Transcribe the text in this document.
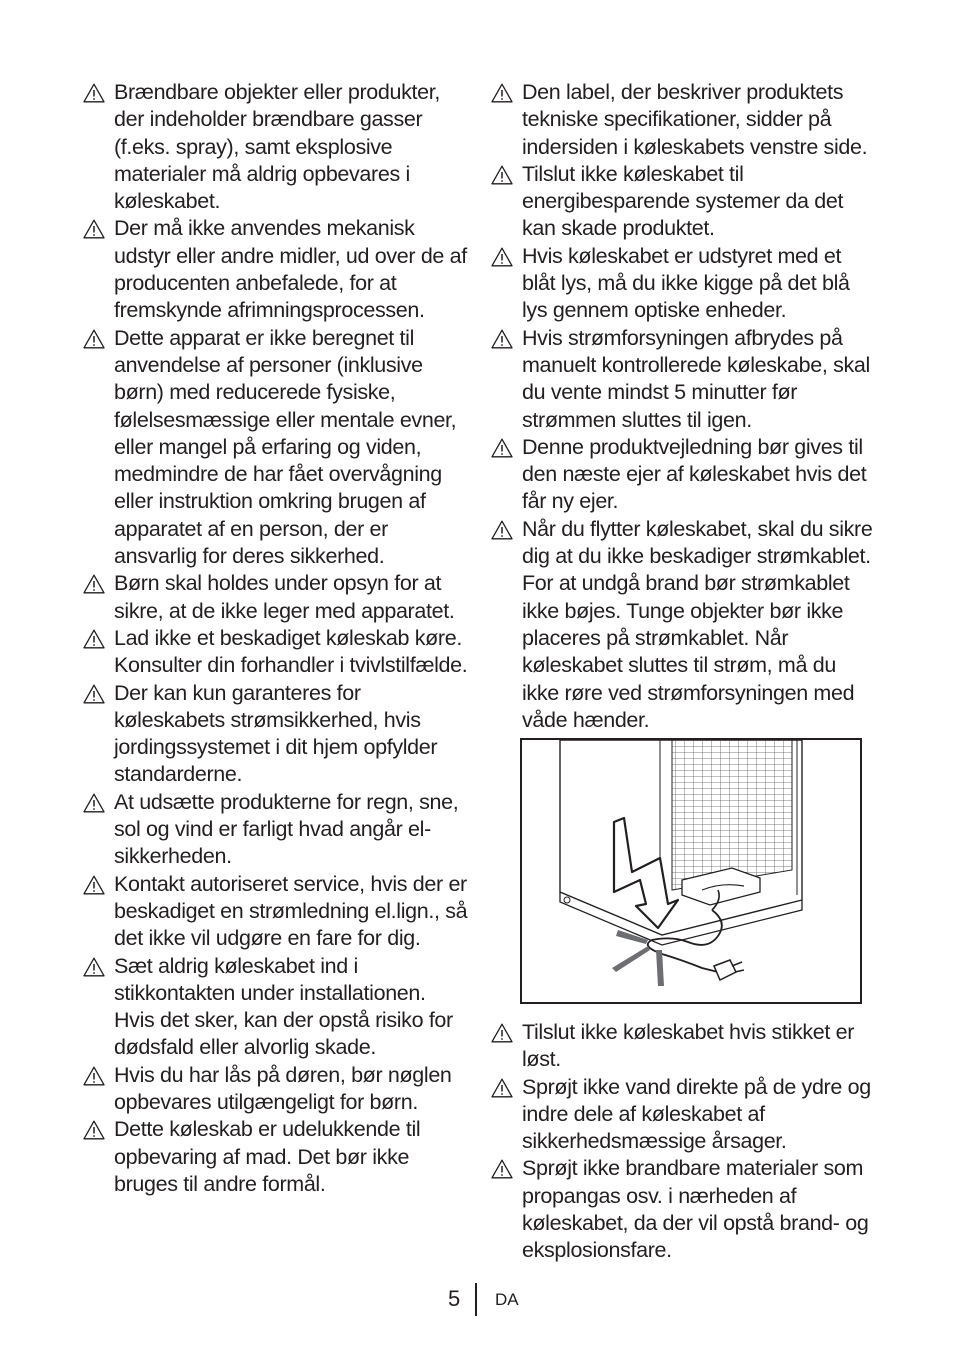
Brændbare objekter eller produkter, der indeholder brændbare gasser (f.eks. spray), samt eksplosive materialer må aldrig opbevares i køleskabet.
Der må ikke anvendes mekanisk udstyr eller andre midler, ud over de af producenten anbefalede, for at fremskynde afrimningsprocessen.
Dette apparat er ikke beregnet til anvendelse af personer (inklusive børn) med reducerede fysiske, følelsesmæssige eller mentale evner, eller mangel på erfaring og viden, medmindre de har fået overvågning eller instruktion omkring brugen af apparatet af en person, der er ansvarlig for deres sikkerhed.
Børn skal holdes under opsyn for at sikre, at de ikke leger med apparatet.
Lad ikke et beskadiget køleskab køre. Konsulter din forhandler i tvivlstilfælde.
Der kan kun garanteres for køleskabets strømsikkerhed, hvis jordingssystemet i dit hjem opfylder standarderne.
At udsætte produkterne for regn, sne, sol og vind er farligt hvad angår el-sikkerheden.
Kontakt autoriseret service, hvis der er beskadiget en strømledning el.lign., så det ikke vil udgøre en fare for dig.
Sæt aldrig køleskabet ind i stikkontakten under installationen. Hvis det sker, kan der opstå risiko for dødsfald eller alvorlig skade.
Hvis du har lås på døren, bør nøglen opbevares utilgængeligt for børn.
Dette køleskab er udelukkende til opbevaring af mad. Det bør ikke bruges til andre formål.
Den label, der beskriver produktets tekniske specifikationer, sidder på indersiden i køleskabets venstre side.
Tilslut ikke køleskabet til energibesparende systemer da det kan skade produktet.
Hvis køleskabet er udstyret med et blåt lys, må du ikke kigge på det blå lys gennem optiske enheder.
Hvis strømforsyningen afbrydes på manuelt kontrollerede køleskabe, skal du vente mindst 5 minutter før strømmen sluttes til igen.
Denne produktvejledning bør gives til den næste ejer af køleskabet hvis det får ny ejer.
Når du flytter køleskabet, skal du sikre dig at du ikke beskadiger strømkablet. For at undgå brand bør strømkablet ikke bøjes. Tunge objekter bør ikke placeres på strømkablet. Når køleskabet sluttes til strøm, må du ikke røre ved strømforsyningen med våde hænder.
Tilslut ikke køleskabet hvis stikket er løst.
Sprøjt ikke vand direkte på de ydre og indre dele af køleskabet af sikkerhedsmæssige årsager.
Sprøjt ikke brandbare materialer som propangas osv. i nærheden af køleskabet, da der vil opstå brand- og eksplosionsfare.
5 DA
